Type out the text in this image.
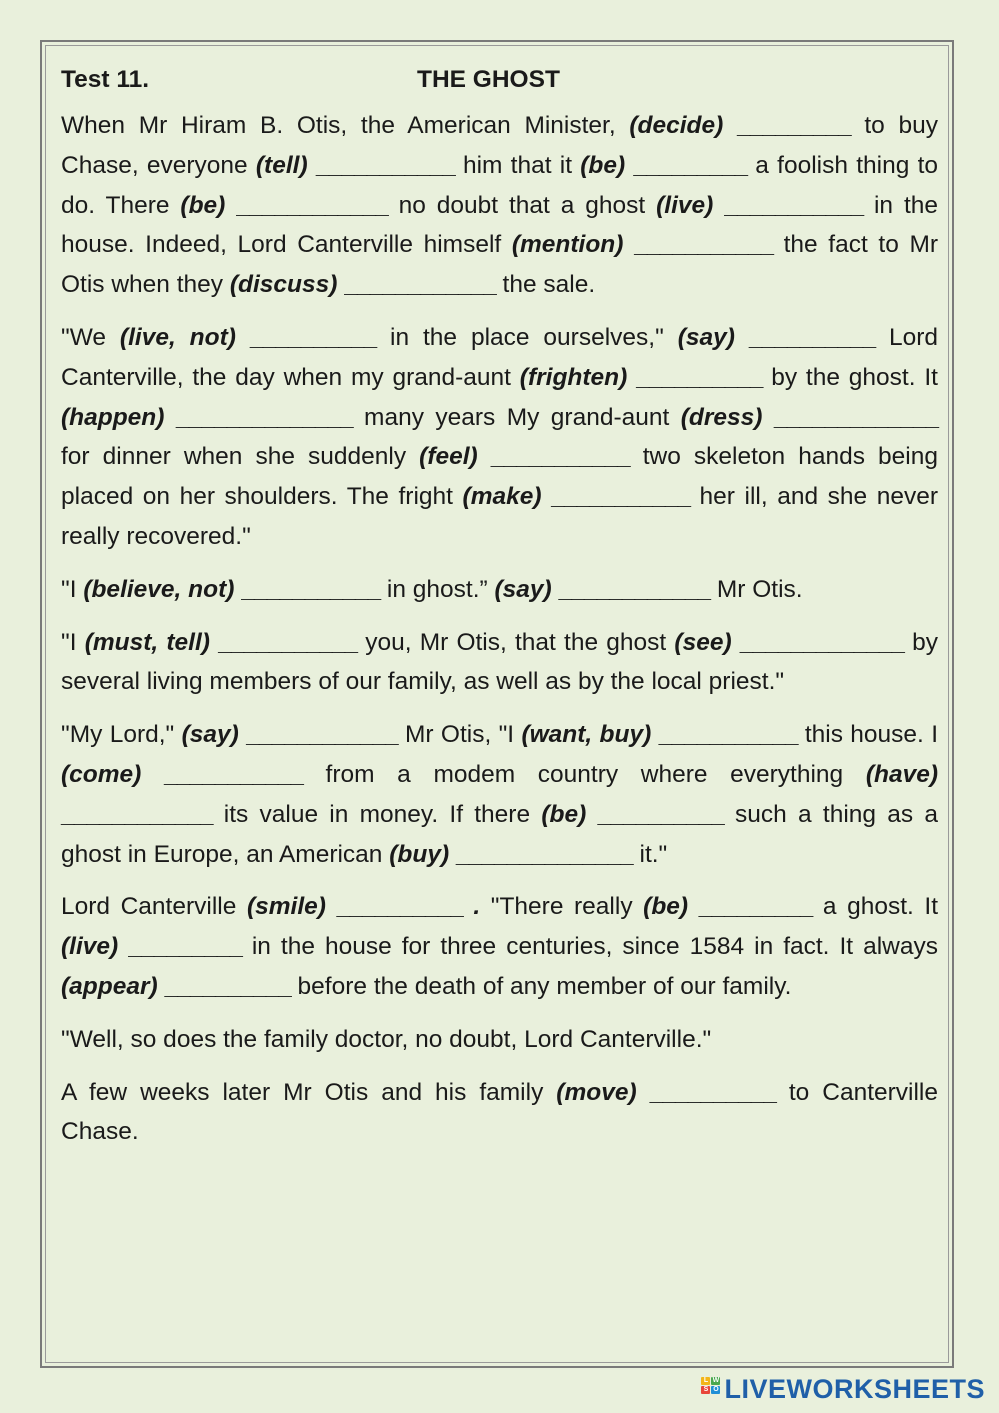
Test 11.	THE GHOST

When Mr Hiram B. Otis, the American Minister, (decide) _________ to buy Chase, everyone (tell) ___________ him that it (be) _________ a foolish thing to do. There (be) ____________ no doubt that a ghost (live) ___________ in the house. Indeed, Lord Canterville himself (mention) ___________ the fact to Mr Otis when they (discuss) ____________ the sale.

"We (live, not) __________ in the place ourselves," (say) __________ Lord Canterville, the day when my grand-aunt (frighten) __________ by the ghost. It (happen) ______________ many years My grand-aunt (dress) _____________ for dinner when she suddenly (feel) ___________ two skeleton hands being placed on her shoulders. The fright (make) ___________ her ill, and she never really recovered."

"I (believe, not) ___________ in ghost.” (say) ____________ Mr Otis.

"I (must, tell) ___________ you, Mr Otis, that the ghost (see) _____________ by several living members of our family, as well as by the local priest."

"My Lord," (say) ____________ Mr Otis, "I (want, buy) ___________ this house. I (come) ___________ from a modem country where everything (have) ____________ its value in money. If there (be) __________ such a thing as a ghost in Europe, an American (buy) ______________ it."

Lord Canterville (smile) __________ . "There really (be) _________ a ghost. It (live) _________ in the house for three centuries, since 1584 in fact. It always (appear) __________ before the death of any member of our family.

"Well, so does the family doctor, no doubt, Lord Canterville."

A few weeks later Mr Otis and his family (move) __________ to Canterville Chase.

L W
S O LIVEWORKSHEETS
